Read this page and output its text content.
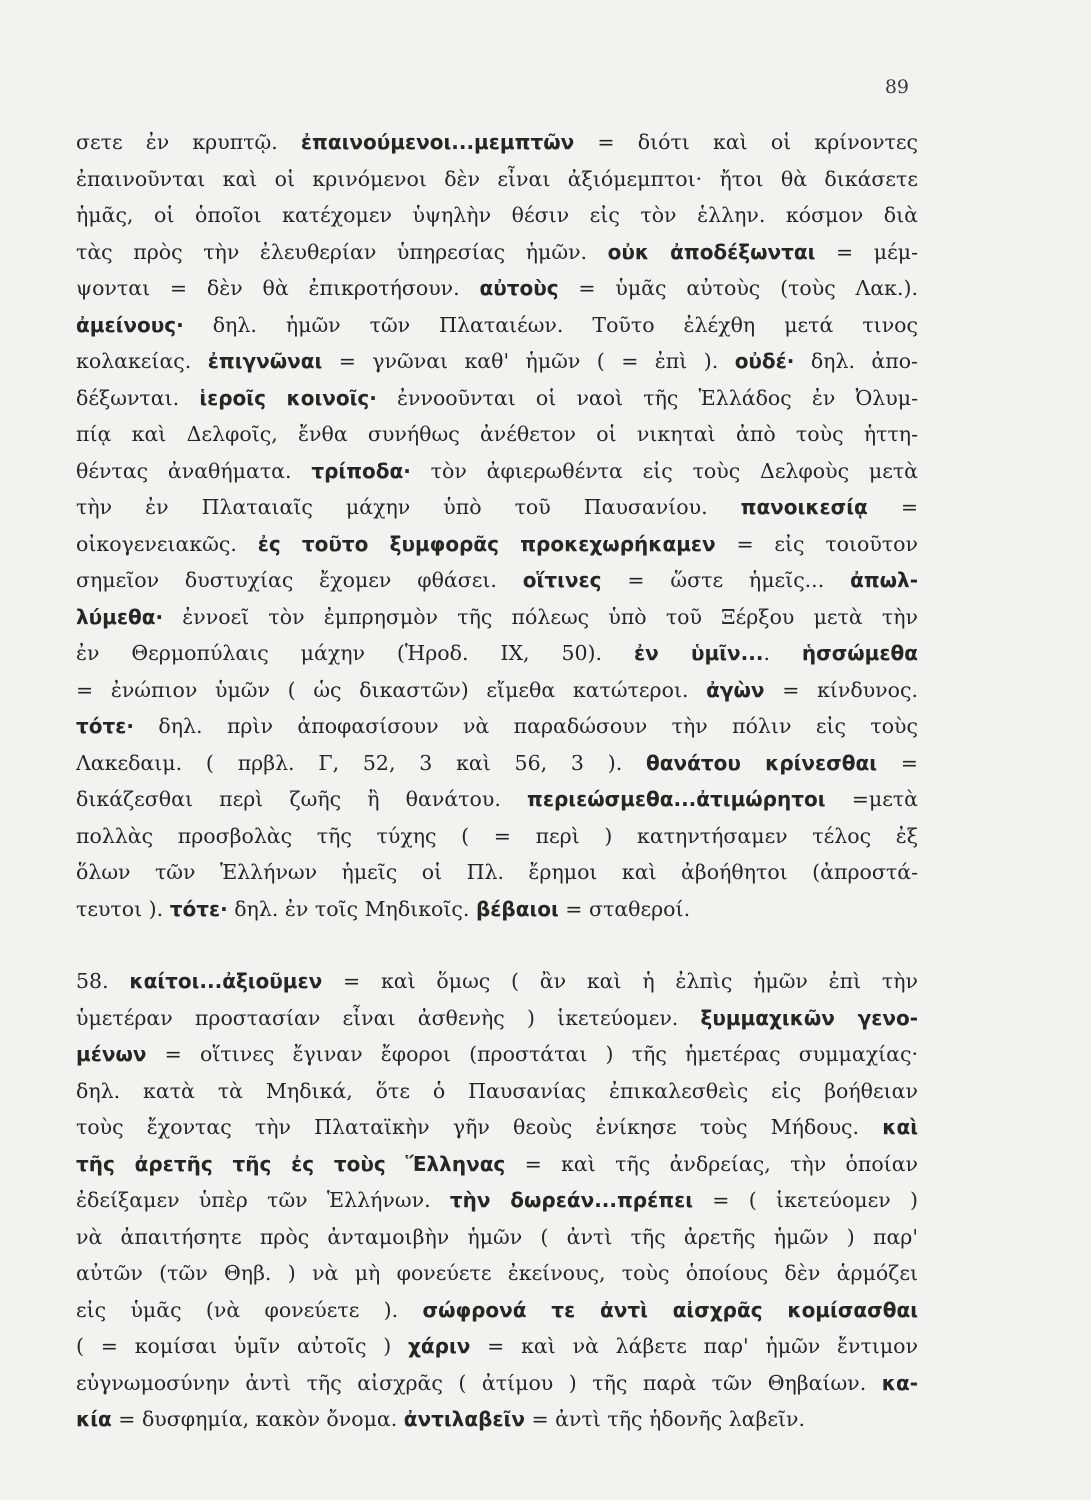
89
σετε ἐν κρυπτῷ. ἐπαινούμενοι...μεμπτῶν = διότι καὶ οἱ κρίνοντες
ἐπαινοῦνται καὶ οἱ κρινόμενοι δὲν εἶναι ἀξιόμεμπτοι· ἤτοι θὰ δικάσετε
ἡμᾶς, οἱ ὁποῖοι κατέχομεν ὑψηλὴν θέσιν εἰς τὸν ἑλλην. κόσμον διὰ
τὰς πρὸς τὴν ἐλευθερίαν ὑπηρεσίας ἡμῶν. οὐκ ἀποδέξωνται = μέμ-
ψονται = δὲν θὰ ἐπικροτήσουν. αὐτοὺς = ὑμᾶς αὐτοὺς (τοὺς Λακ.).
ἀμείνους· δηλ. ἡμῶν τῶν Πλαταιέων. Τοῦτο ἐλέχθη μετά τινος
κολακείας. ἐπιγνῶναι = γνῶναι καθ' ἡμῶν ( = ἐπὶ ). οὐδέ· δηλ. ἀπο-
δέξωνται. ἱεροῖς κοινοῖς· ἐννοοῦνται οἱ ναοὶ τῆς Ἑλλάδος ἐν Ὀλυμ-
πίᾳ καὶ Δελφοῖς, ἔνθα συνήθως ἀνέθετον οἱ νικηταὶ ἀπὸ τοὺς ἡττη-
θέντας ἀναθήματα. τρίποδα· τὸν ἀφιερωθέντα εἰς τοὺς Δελφοὺς μετὰ
τὴν ἐν Πλαταιαῖς μάχην ὑπὸ τοῦ Παυσανίου. πανοικεσίᾳ =
οἰκογενειακῶς. ἐς τοῦτο ξυμφορᾶς προκεχωρήκαμεν = εἰς τοιοῦτον
σημεῖον δυστυχίας ἔχομεν φθάσει. οἵτινες = ὥστε ἡμεῖς... ἀπωλ-
λύμεθα· ἐννοεῖ τὸν ἐμπρησμὸν τῆς πόλεως ὑπὸ τοῦ Ξέρξου μετὰ τὴν
ἐν Θερμοπύλαις μάχην (Ἡροδ. ΙΧ, 50). ἐν ὑμῖν.... ἡσσώμεθα
= ἐνώπιον ὑμῶν ( ὡς δικαστῶν) εἴμεθα κατώτεροι. ἀγὼν = κίνδυνος.
τότε· δηλ. πρὶν ἀποφασίσουν νὰ παραδώσουν τὴν πόλιν εἰς τοὺς
Λακεδαιμ. ( πρβλ. Γ, 52, 3 καὶ 56, 3 ). θανάτου κρίνεσθαι =
δικάζεσθαι περὶ ζωῆς ἢ θανάτου. περιεώσμεθα...ἀτιμώρητοι =μετὰ
πολλὰς προσβολὰς τῆς τύχης ( = περὶ ) κατηντήσαμεν τέλος ἐξ
ὅλων τῶν Ἑλλήνων ἡμεῖς οἱ Πλ. ἔρημοι καὶ ἀβοήθητοι (ἀπροστά-
τευτοι ). τότε· δηλ. ἐν τοῖς Μηδικοῖς. βέβαιοι = σταθεροί.
58. καίτοι...ἀξιοῦμεν = καὶ ὅμως ( ἂν καὶ ἡ ἐλπὶς ἡμῶν ἐπὶ τὴν
ὑμετέραν προστασίαν εἶναι ἀσθενὴς ) ἱκετεύομεν. ξυμμαχικῶν γενο-
μένων = οἵτινες ἔγιναν ἔφοροι (προστάται ) τῆς ἡμετέρας συμμαχίας·
δηλ. κατὰ τὰ Μηδικά, ὅτε ὁ Παυσανίας ἐπικαλεσθεὶς εἰς βοήθειαν
τοὺς ἔχοντας τὴν Πλαταϊκὴν γῆν θεοὺς ἐνίκησε τοὺς Μήδους. καὶ
τῆς ἀρετῆς τῆς ἐς τοὺς Ἕλληνας = καὶ τῆς ἀνδρείας, τὴν ὁποίαν
ἐδείξαμεν ὑπὲρ τῶν Ἑλλήνων. τὴν δωρεάν...πρέπει = ( ἱκετεύομεν )
νὰ ἀπαιτήσητε πρὸς ἀνταμοιβὴν ἡμῶν ( ἀντὶ τῆς ἀρετῆς ἡμῶν ) παρ'
αὐτῶν (τῶν Θηβ. ) νὰ μὴ φονεύετε ἐκείνους, τοὺς ὁποίους δὲν ἁρμόζει
εἰς ὑμᾶς (νὰ φονεύετε ). σώφρονά τε ἀντὶ αἰσχρᾶς κομίσασθαι
( = κομίσαι ὑμῖν αὐτοῖς ) χάριν = καὶ νὰ λάβετε παρ' ἡμῶν ἔντιμον
εὐγνωμοσύνην ἀντὶ τῆς αἰσχρᾶς ( ἀτίμου ) τῆς παρὰ τῶν Θηβαίων. κα-
κία = δυσφημία, κακὸν ὄνομα. ἀντιλαβεῖν = ἀντὶ τῆς ἡδονῆς λαβεῖν.
